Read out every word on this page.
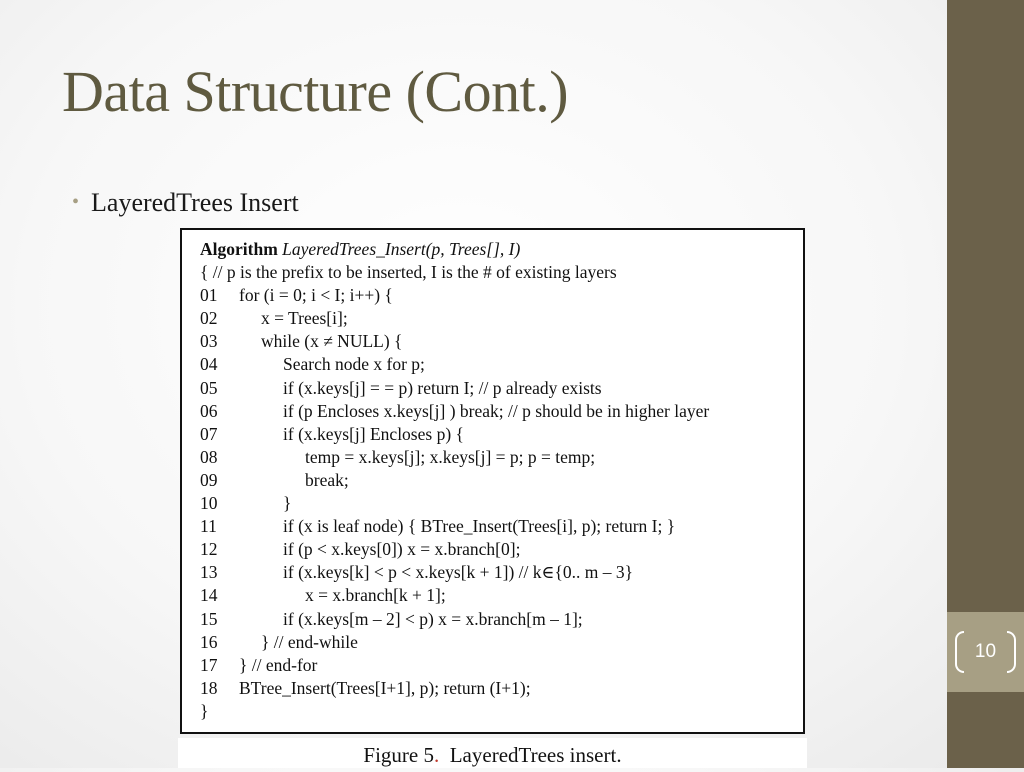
10
Data Structure (Cont.)
• LayeredTrees Insert
Algorithm LayeredTrees_Insert(p, Trees[], I)
{ // p is the prefix to be inserted, I is the # of existing layers
01 for (i = 0; i < I; i++) {
02 x = Trees[i];
03 while (x ≠ NULL) {
04	Search node x for p;
05	if (x.keys[j] = = p) return I; // p already exists
06	if (p Encloses x.keys[j] ) break; // p should be in higher layer
07	if (x.keys[j] Encloses p) {
08	temp = x.keys[j]; x.keys[j] = p; p = temp;
09	break;
10	}
11	if (x is leaf node) { BTree_Insert(Trees[i], p); return I; }
12	if (p < x.keys[0]) x = x.branch[0];
13	if (x.keys[k] < p < x.keys[k + 1]) // k∈{0.. m – 3}
14	x = x.branch[k + 1];
15	if (x.keys[m – 2] < p) x = x.branch[m – 1];
16 } // end-while
17 } // end-for
18 BTree_Insert(Trees[I+1], p); return (I+1);
}
Figure 5. LayeredTrees insert.
